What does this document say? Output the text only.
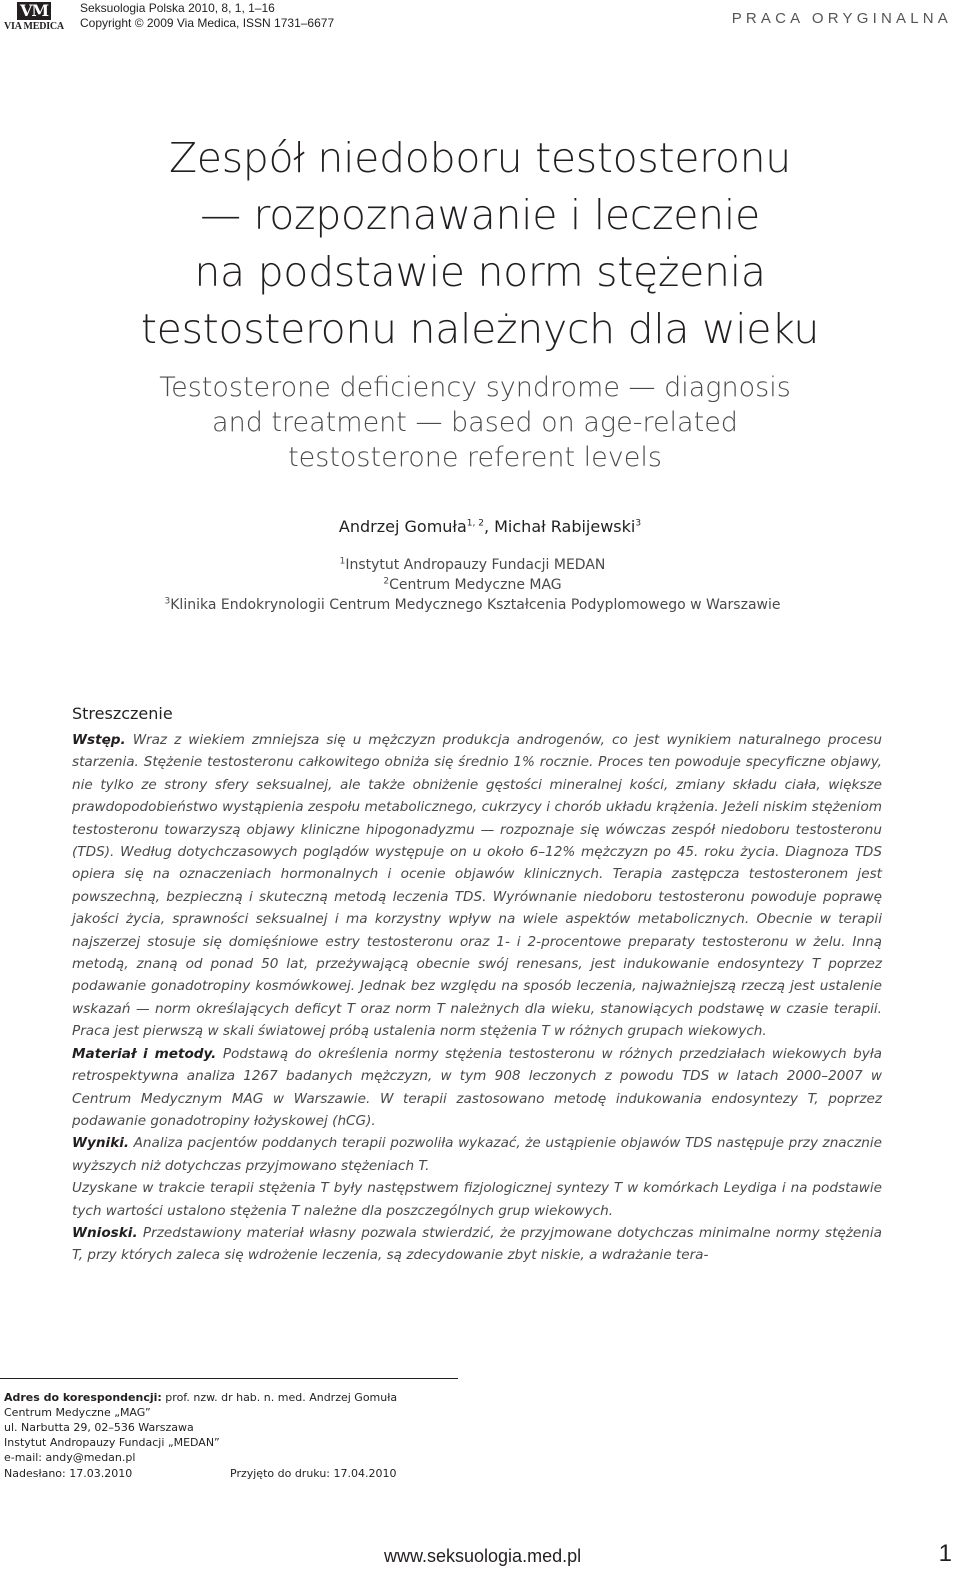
VM
VIA MEDICA
Seksuologia Polska 2010, 8, 1, 1–16
Copyright © 2009 Via Medica, ISSN 1731–6677	PRACA ORYGINALNA
Zespół niedoboru testosteronu
— rozpoznawanie i leczenie
na podstawie norm stężenia
testosteronu należnych dla wieku
Testosterone deficiency syndrome — diagnosis
and treatment — based on age-related
testosterone referent levels
Andrzej Gomuła$^{1, 2}$, Michał Rabijewski$^3$
$^1$Instytut Andropauzy Fundacji MEDAN
$^2$Centrum Medyczne MAG
$^3$Klinika Endokrynologii Centrum Medycznego Kształcenia Podyplomowego w Warszawie
Streszczenie

Wstęp. Wraz z wiekiem zmniejsza się u mężczyzn produkcja androgenów, co jest wynikiem naturalnego procesu starzenia. Stężenie testosteronu całkowitego obniża się średnio 1% rocznie. Proces ten powoduje specyficzne objawy, nie tylko ze strony sfery seksualnej, ale także obniżenie gęstości mineralnej kości, zmiany składu ciała, większe prawdopodobieństwo wystąpienia zespołu metabolicznego, cukrzycy i chorób układu krążenia. Jeżeli niskim stężeniom testosteronu towarzyszą objawy kliniczne hipogonadyzmu — rozpoznaje się wówczas zespół niedoboru testosteronu (TDS). Według dotychczasowych poglądów występuje on u około 6–12% mężczyzn po 45. roku życia. Diagnoza TDS opiera się na oznaczeniach hormonalnych i ocenie objawów klinicznych. Terapia zastępcza testosteronem jest powszechną, bezpieczną i skuteczną metodą leczenia TDS. Wyrównanie niedoboru testosteronu powoduje poprawę jakości życia, sprawności seksualnej i ma korzystny wpływ na wiele aspektów metabolicznych. Obecnie w terapii najszerzej stosuje się domięśniowe estry testosteronu oraz 1- i 2-procentowe preparaty testosteronu w żelu. Inną metodą, znaną od ponad 50 lat, przeżywającą obecnie swój renesans, jest indukowanie endosyntezy T poprzez podawanie gonadotropiny kosmówkowej. Jednak bez względu na sposób leczenia, najważniejszą rzeczą jest ustalenie wskazań — norm określających deficyt T oraz norm T należnych dla wieku, stanowiących podstawę w czasie terapii. Praca jest pierwszą w skali światowej próbą ustalenia norm stężenia T w różnych grupach wiekowych.
Materiał i metody. Podstawą do określenia normy stężenia testosteronu w różnych przedziałach wiekowych była retrospektywna analiza 1267 badanych mężczyzn, w tym 908 leczonych z powodu TDS w latach 2000–2007 w Centrum Medycznym MAG w Warszawie. W terapii zastosowano metodę indukowania endosyntezy T, poprzez podawanie gonadotropiny łożyskowej (hCG).
Wyniki. Analiza pacjentów poddanych terapii pozwoliła wykazać, że ustąpienie objawów TDS następuje przy znacznie wyższych niż dotychczas przyjmowano stężeniach T.
Uzyskane w trakcie terapii stężenia T były następstwem fizjologicznej syntezy T w komórkach Leydiga i na podstawie tych wartości ustalono stężenia T należne dla poszczególnych grup wiekowych.
Wnioski. Przedstawiony materiał własny pozwala stwierdzić, że przyjmowane dotychczas minimalne normy stężenia T, przy których zaleca się wdrożenie leczenia, są zdecydowanie zbyt niskie, a wdrażanie tera-

Adres do korespondencji: prof. nzw. dr hab. n. med. Andrzej Gomuła
Centrum Medyczne „MAG”
ul. Narbutta 29, 02–536 Warszawa
Instytut Andropauzy Fundacji „MEDAN”
e-mail: andy@medan.pl
Nadesłano: 17.03.2010	Przyjęto do druku: 17.04.2010
www.seksuologia.med.pl	1
